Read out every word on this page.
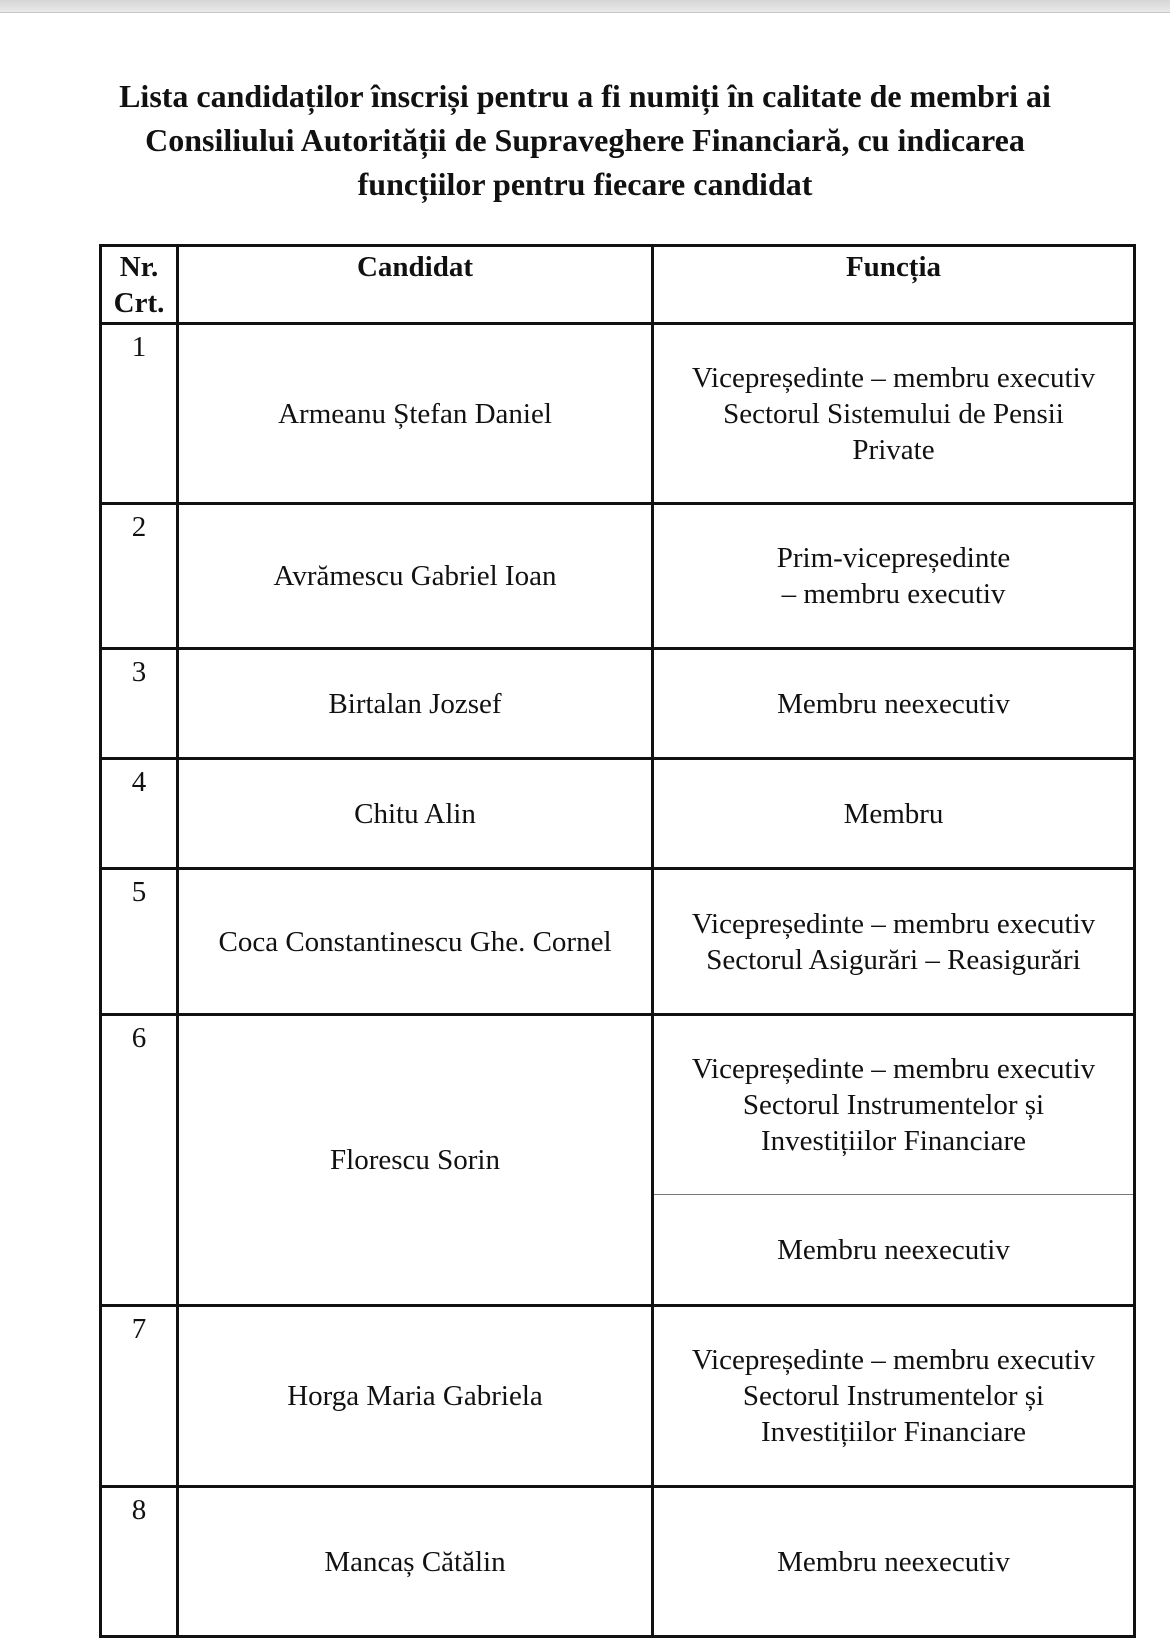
Lista candidaților înscriși pentru a fi numiți în calitate de membri ai
Consiliului Autorității de Supraveghere Financiară, cu indicarea
funcțiilor pentru fiecare candidat
Nr.
Crt.	Candidat	Funcția
1	Armeanu Ștefan Daniel	Vicepreședinte – membru executiv
Sectorul Sistemului de Pensii
Private

2	Avrămescu Gabriel Ioan	Prim-vicepreședinte
– membru executiv

3	Birtalan Jozsef	Membru neexecutiv

4	Chitu Alin	Membru

5	Coca Constantinescu Ghe. Cornel	Vicepreședinte – membru executiv
Sectorul Asigurări – Reasigurări

6	Florescu Sorin	Vicepreședinte – membru executiv
Sectorul Instrumentelor și
Investițiilor Financiare

		Membru neexecutiv

7	Horga Maria Gabriela	Vicepreședinte – membru executiv
Sectorul Instrumentelor și
Investițiilor Financiare

8	Mancaș Cătălin	Membru neexecutiv
